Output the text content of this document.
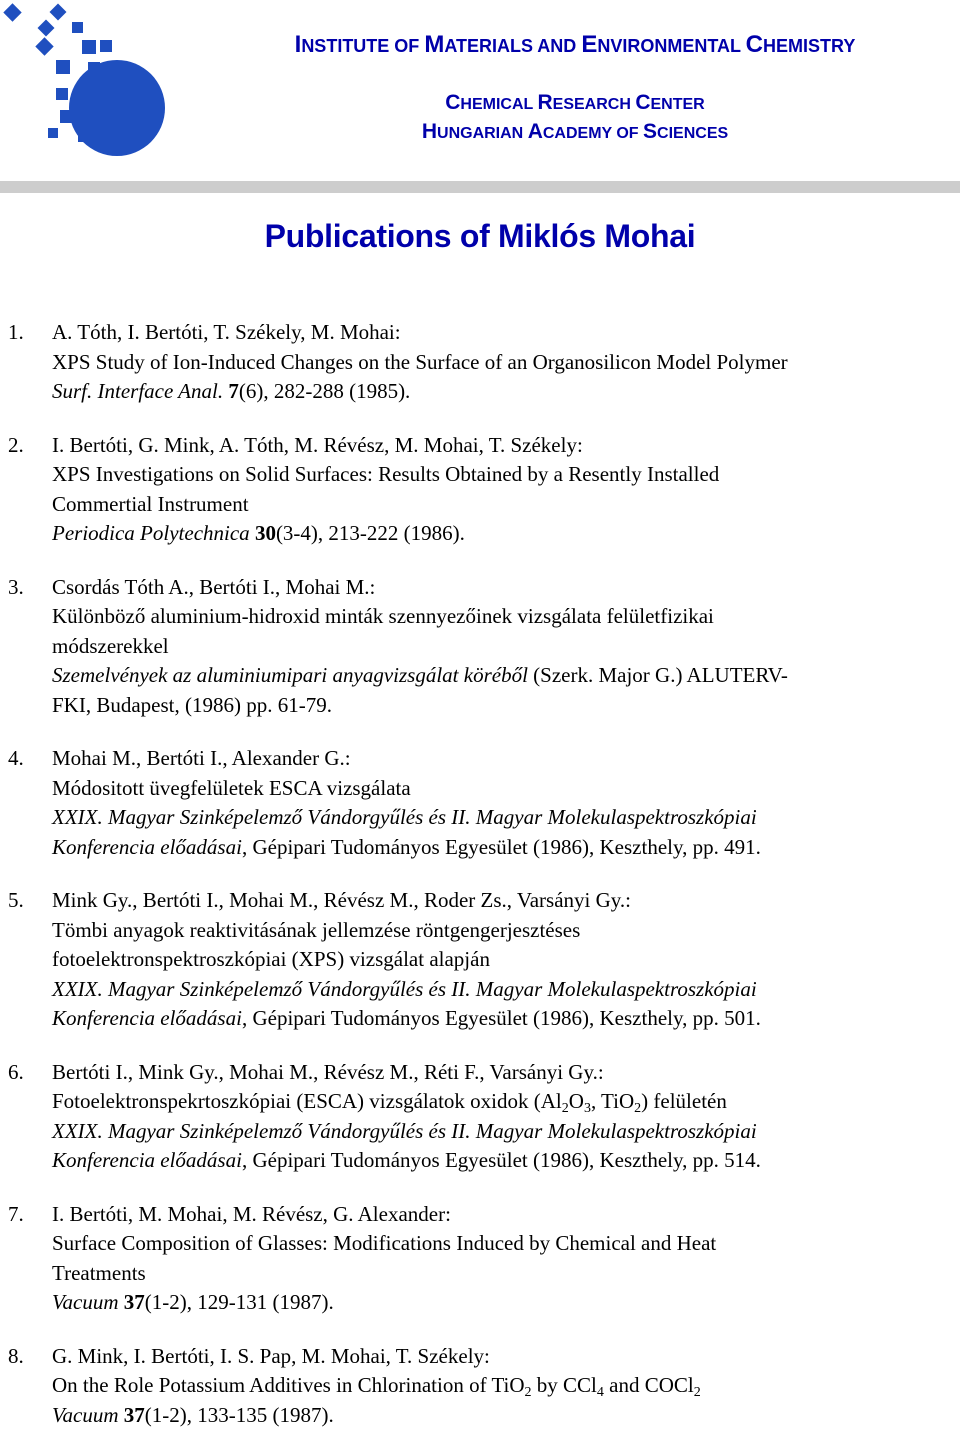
INSTITUTE OF MATERIALS AND ENVIRONMENTAL CHEMISTRY
CHEMICAL RESEARCH CENTER
HUNGARIAN ACADEMY OF SCIENCES
Publications of Miklós Mohai
1. A. Tóth, I. Bertóti, T. Székely, M. Mohai:
XPS Study of Ion-Induced Changes on the Surface of an Organosilicon Model Polymer
Surf. Interface Anal. 7(6), 282-288 (1985).
2. I. Bertóti, G. Mink, A. Tóth, M. Révész, M. Mohai, T. Székely:
XPS Investigations on Solid Surfaces: Results Obtained by a Resently Installed
Commertial Instrument
Periodica Polytechnica 30(3-4), 213-222 (1986).
3. Csordás Tóth A., Bertóti I., Mohai M.:
Különböző aluminium-hidroxid minták szennyezőinek vizsgálata felületfizikai
módszerekkel
Szemelvények az aluminiumipari anyagvizsgálat köréből (Szerk. Major G.) ALUTERV-
FKI, Budapest, (1986) pp. 61-79.
4. Mohai M., Bertóti I., Alexander G.:
Módositott üvegfelületek ESCA vizsgálata
XXIX. Magyar Szinképelemző Vándorgyűlés és II. Magyar Molekulaspektroszkópiai
Konferencia előadásai, Gépipari Tudományos Egyesület (1986), Keszthely, pp. 491.
5. Mink Gy., Bertóti I., Mohai M., Révész M., Roder Zs., Varsányi Gy.:
Tömbi anyagok reaktivitásának jellemzése röntgengerjesztéses
fotoelektronspektroszkópiai (XPS) vizsgálat alapján
XXIX. Magyar Szinképelemző Vándorgyűlés és II. Magyar Molekulaspektroszkópiai
Konferencia előadásai, Gépipari Tudományos Egyesület (1986), Keszthely, pp. 501.
6. Bertóti I., Mink Gy., Mohai M., Révész M., Réti F., Varsányi Gy.:
Fotoelektronspekrtoszkópiai (ESCA) vizsgálatok oxidok ($Al_2O_3$, TiO$_2$) felületén
XXIX. Magyar Szinképelemző Vándorgyűlés és II. Magyar Molekulaspektroszkópiai
Konferencia előadásai, Gépipari Tudományos Egyesület (1986), Keszthely, pp. 514.
7. I. Bertóti, M. Mohai, M. Révész, G. Alexander:
Surface Composition of Glasses: Modifications Induced by Chemical and Heat
Treatments
Vacuum 37(1-2), 129-131 (1987).
8. G. Mink, I. Bertóti, I. S. Pap, M. Mohai, T. Székely:
On the Role Potassium Additives in Chlorination of TiO$_2$ by CCl$_4$ and COCl$_2$
Vacuum 37(1-2), 133-135 (1987).
